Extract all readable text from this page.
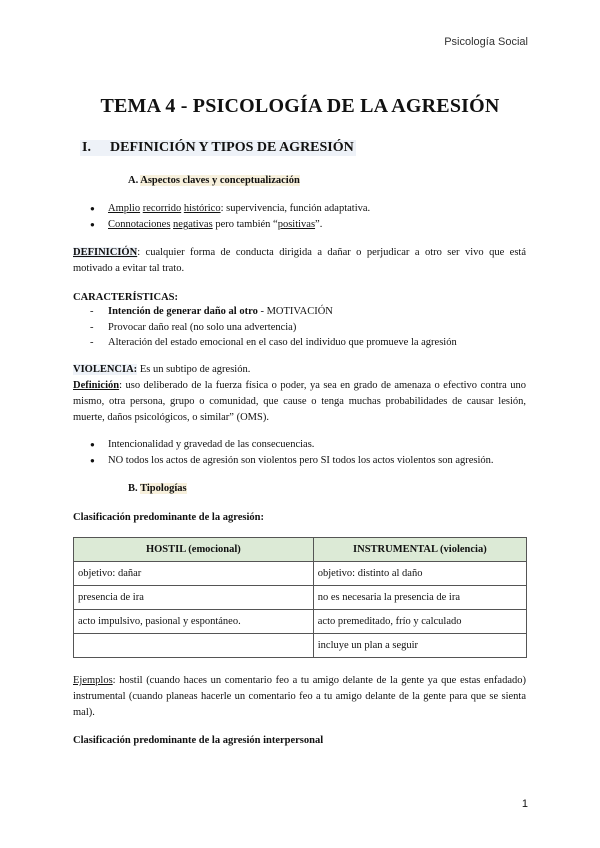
Psicología Social
TEMA 4 - PSICOLOGÍA DE LA AGRESIÓN
I. DEFINICIÓN Y TIPOS DE AGRESIÓN
A. Aspectos claves y conceptualización
● Amplio recorrido histórico: supervivencia, función adaptativa.
● Connotaciones negativas pero también “positivas”.
DEFINICIÓN: cualquier forma de conducta dirigida a dañar o perjudicar a otro ser vivo que está motivado a evitar tal trato.
CARACTERÍSTICAS:
- Intención de generar daño al otro - MOTIVACIÓN
- Provocar daño real (no solo una advertencia)
- Alteración del estado emocional en el caso del individuo que promueve la agresión
VIOLENCIA: Es un subtipo de agresión.
Definición: uso deliberado de la fuerza física o poder, ya sea en grado de amenaza o efectivo contra uno mismo, otra persona, grupo o comunidad, que cause o tenga muchas probabilidades de causar lesión, muerte, daños psicológicos, o similar” (OMS).
● Intencionalidad y gravedad de las consecuencias.
● NO todos los actos de agresión son violentos pero SI todos los actos violentos son agresión.
B. Tipologías
Clasificación predominante de la agresión:
HOSTIL (emocional)	INSTRUMENTAL (violencia)
objetivo: dañar	objetivo: distinto al daño
presencia de ira	no es necesaria la presencia de ira
acto impulsivo, pasional y espontáneo.	acto premeditado, frío y calculado
	incluye un plan a seguir
Ejemplos: hostil (cuando haces un comentario feo a tu amigo delante de la gente ya que estas enfadado) instrumental (cuando planeas hacerle un comentario feo a tu amigo delante de la gente para que se sienta mal).
Clasificación predominante de la agresión interpersonal
1
